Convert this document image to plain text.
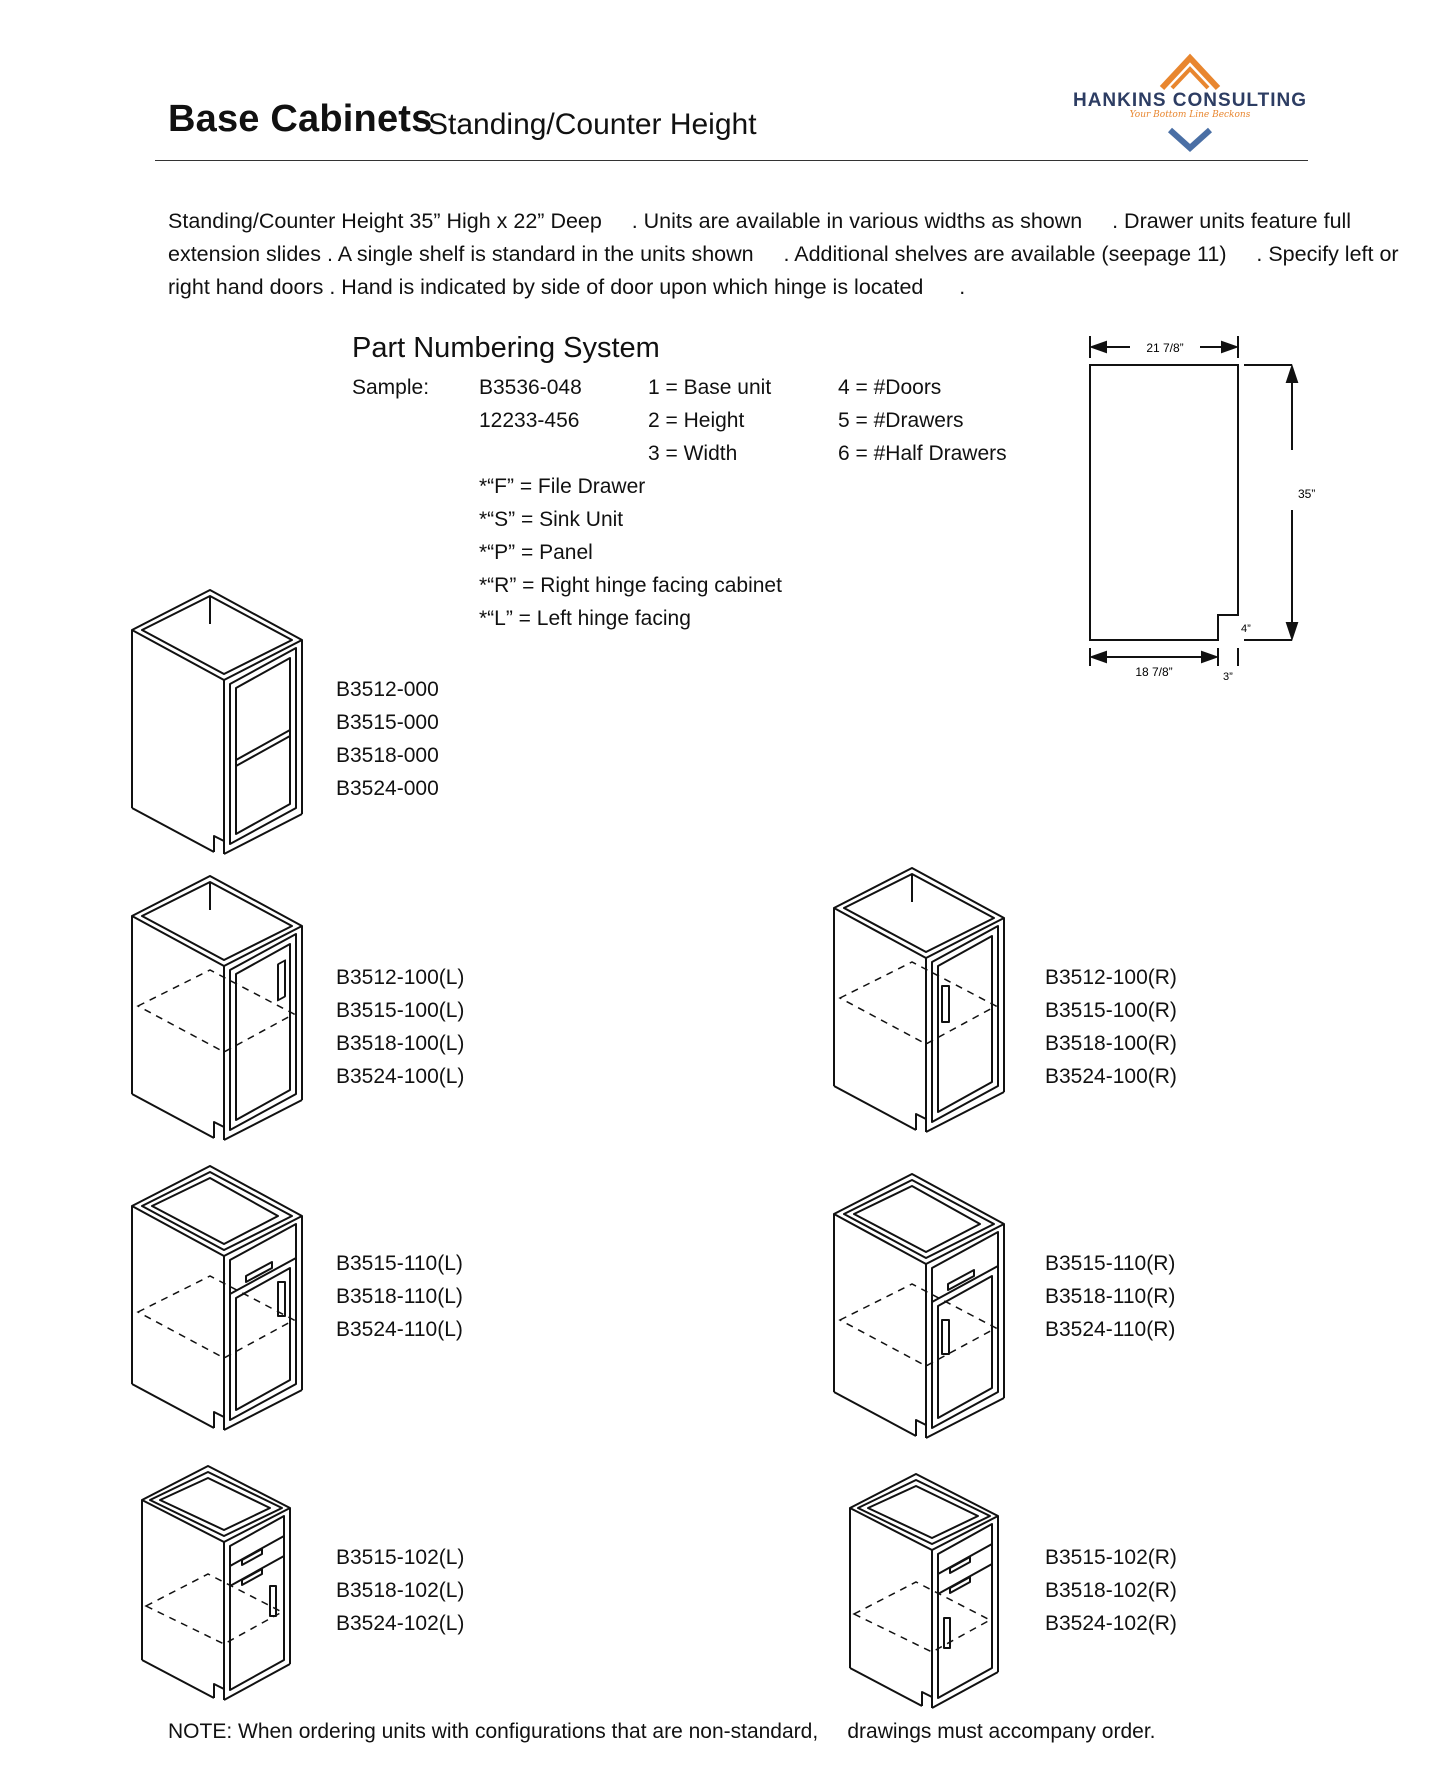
Base Cabinets
Standing/Counter Height
HANKINS CONSULTING
Your Bottom Line Beckons
Standing/Counter Height 35” High x 22” Deep     . Units are available in various widths as shown     . Drawer units feature full
extension slides . A single shelf is standard in the units shown     . Additional shelves are available (seepage 11)     . Specify left or
right hand doors . Hand is indicated by side of door upon which hinge is located      .
Part Numbering System
Sample: B3536-048
12233-456
1 = Base unit
2 = Height
3 = Width
4 = #Doors
5 = #Drawers
6 = #Half Drawers
*“F” = File Drawer
*“S” = Sink Unit
*“P” = Panel
*“R” = Right hinge facing cabinet
*“L” = Left hinge facing
21 7/8”
35”
18 7/8”
4”
3”
B3512-000
B3515-000
B3518-000
B3524-000
B3512-100(L)
B3515-100(L)
B3518-100(L)
B3524-100(L)
B3512-100(R)
B3515-100(R)
B3518-100(R)
B3524-100(R)
B3515-110(L)
B3518-110(L)
B3524-110(L)
B3515-110(R)
B3518-110(R)
B3524-110(R)
B3515-102(L)
B3518-102(L)
B3524-102(L)
B3515-102(R)
B3518-102(R)
B3524-102(R)
NOTE: When ordering units with configurations that are non-standard,     drawings must accompany order.
